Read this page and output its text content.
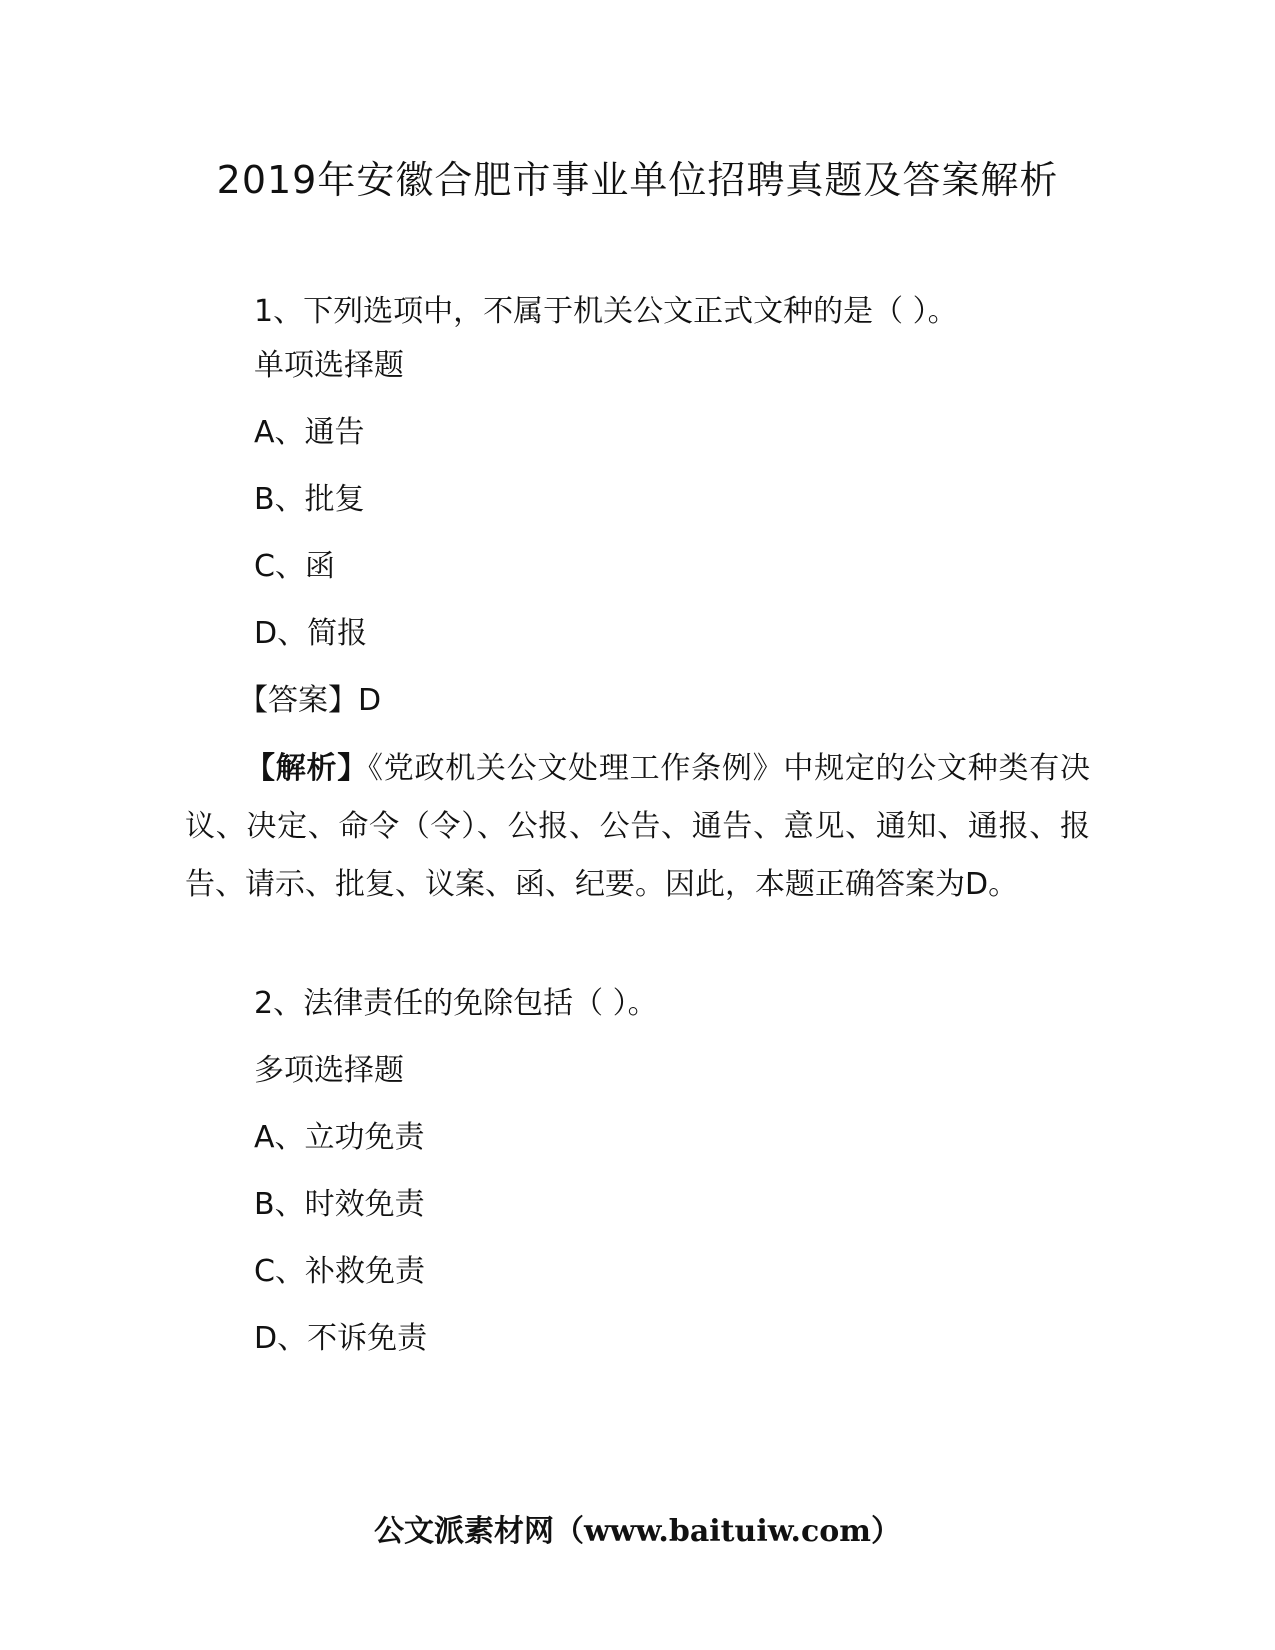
2019年安徽合肥市事业单位招聘真题及答案解析
1、下列选项中，不属于机关公文正式文种的是（ ）。
单项选择题
A、通告
B、批复
C、函
D、简报
【答案】D
【解析】《党政机关公文处理工作条例》中规定的公文种类有决议、决定、命令（令）、公报、公告、通告、意见、通知、通报、报告、请示、批复、议案、函、纪要。因此，本题正确答案为D。
2、法律责任的免除包括（ ）。
多项选择题
A、立功免责
B、时效免责
C、补救免责
D、不诉免责
公文派素材网（www.baituiw.com）
